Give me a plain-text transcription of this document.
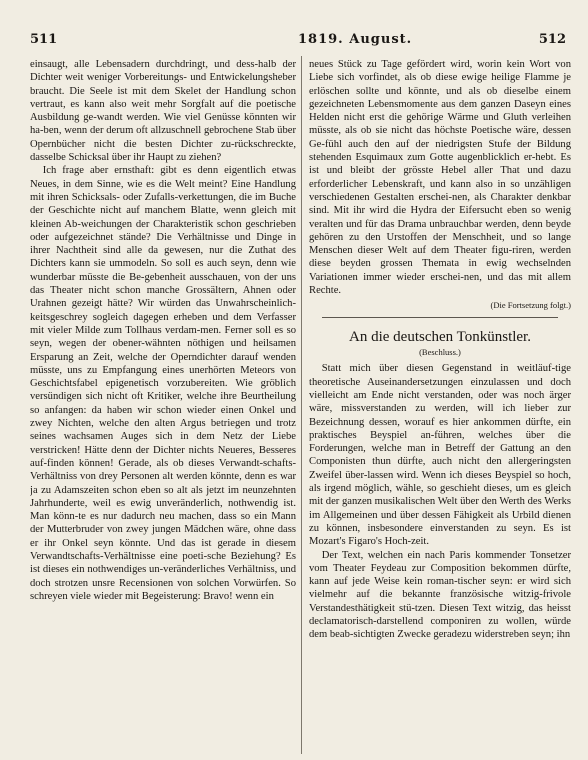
511	1819. August.	512

einsaugt, alle Lebensadern durchdringt, und dess-halb der Dichter weit weniger Vorbereitungs- und Entwickelungsheber braucht. Die Seele ist mit dem Skelet der Handlung schon vertraut, es kann also weit mehr Sorgfalt auf die poetische Ausbildung ge-wandt werden. Wie viel Genüsse könnten wir ha-ben, wenn der derum oft allzuschnell gebrochene Stab über Opernbücher nicht die besten Dichter zu-rückschreckte, dasselbe Schicksal über ihr Haupt zu ziehen?

Ich frage aber ernsthaft: gibt es denn eigentlich etwas Neues, in dem Sinne, wie es die Welt meint? Eine Handlung mit ihren Schicksals- oder Zufalls-verkettungen, die im Buche der Geschichte nicht auf manchem Blatte, wenn gleich mit kleinen Ab-weichungen der Charakteristik schon geschrieben oder aufgezeichnet stände? Die Verhältnisse und Dinge in ihrer Nachtheit sind alle da gewesen, nur die Zuthat des Dichters kann sie ummodeln. So soll es auch seyn, denn wie wunderbar müsste die Be-gebenheit ausschauen, von der uns das Theater nicht schon manche Grossältern, Ahnen oder Urahnen gezeigt hätte? Wir würden das Unwahrscheinlich-keitsgeschrey sogleich dagegen erheben und dem Verfasser mit vieler Milde zum Tollhaus verdam-men. Ferner soll es so seyn, wegen der obener-wähnten nöthigen und heilsamen Ersparung an Zeit, welche der Operndichter darauf wenden müsste, uns zu Empfangung eines unerhörten Meteors von Geschichtsfabel epigenetisch vorzubereiten. Wie gröblich versündigen sich nicht oft Kritiker, welche ihre Beurtheilung so anfangen: da haben wir schon wieder einen Onkel und zwey Nichten, welche den alten Argus betriegen und trotz seines wachsamen Auges sich in dem Netz der Liebe verstricken! Hätte denn der Dichter nichts Neueres, Besseres auf-finden können! Gerade, als ob dieses Verwandt-schafts-Verhältniss von drey Personen alt werden könnte, denn es war ja zu Adamszeiten schon eben so alt als jetzt im neunzehnten Jahrhunderte, weil es ewig unveränderlich, nothwendig ist. Man könn-te es nur dadurch neu machen, dass so ein Mann der Mutterbruder von zwey jungen Mädchen wäre, ohne dass er ihr Onkel seyn könnte. Und das ist gerade in diesem Verwandtschafts-Verhältnisse eine poeti-sche Beziehung? Es ist dieses ein nothwendiges un-veränderliches Verhältniss, und doch strotzen unsre Recensionen von solchen Vorwürfen. So schreyen viele wieder mit Begeisterung: Bravo! wenn ein

neues Stück zu Tage gefördert wird, worin kein Wort von Liebe sich vorfindet, als ob diese ewige heilige Flamme je erlöschen sollte und könnte, und als ob dieselbe einem gezeichneten Lebensmomente aus dem ganzen Daseyn eines Helden nicht erst die gehörige Wärme und Gluth verleihen müsste, als ob sie nicht das höchste Poetische wäre, dessen Ge-fühl auch den auf der niedrigsten Stufe der Bildung stehenden Esquimaux zum Gotte augenblicklich er-hebt. Es ist und bleibt der grösste Hebel aller That und dazu erforderlicher Lebenskraft, und kann also in so unzähligen verschiedenen Gestalten erschei-nen, als Charakter denkbar sind. Mit ihr wird die Hydra der Eifersucht eben so wenig veralten und für das Drama unbrauchbar werden, denn beyde gehören zu den Urstoffen der Menschheit, und so lange Menschen dieser Welt auf dem Theater figu-riren, werden diese beyden grossen Themata in ewig wechselnden Variationen immer wieder erschei-nen, und das mit allem Rechte.

(Die Fortsetzung folgt.)
An die deutschen Tonkünstler.
(Beschluss.)

Statt mich über diesen Gegenstand in weitläuf-tige theoretische Auseinandersetzungen einzulassen und doch vielleicht am Ende nicht verstanden, oder was noch ärger wäre, missverstanden zu werden, will ich lieber zur Bezeichnung dessen, worauf es hier ankommen dürfte, ein praktisches Beyspiel an-führen, welches über die Forderungen, welche man in Betreff der Gattung an den Componisten thun dürfte, auch nicht den allergeringsten Zweifel über-lassen wird. Wenn ich dieses Beyspiel so hoch, als irgend möglich, wähle, so geschieht dieses, um es gleich mit der ganzen musikalischen Welt über den Werth des Werks im Allgemeinen und über dessen Fähigkeit als Urbild dienen zu können, insbesondere einverstanden zu seyn. Es ist Mozart's Figaro's Hoch-zeit.

Der Text, welchen ein nach Paris kommender Tonsetzer vom Theater Feydeau zur Composition bekommen dürfte, kann auf jede Weise kein roman-tischer seyn: er wird sich vielmehr auf die bekannte französische witzig-frivole Verstandesthätigkeit stü-tzen. Diesen Text witzig, das heisst declamatorisch-darstellend componiren zu wollen, würde dem beab-sichtigten Zwecke geradezu widerstreben seyn; ihn
